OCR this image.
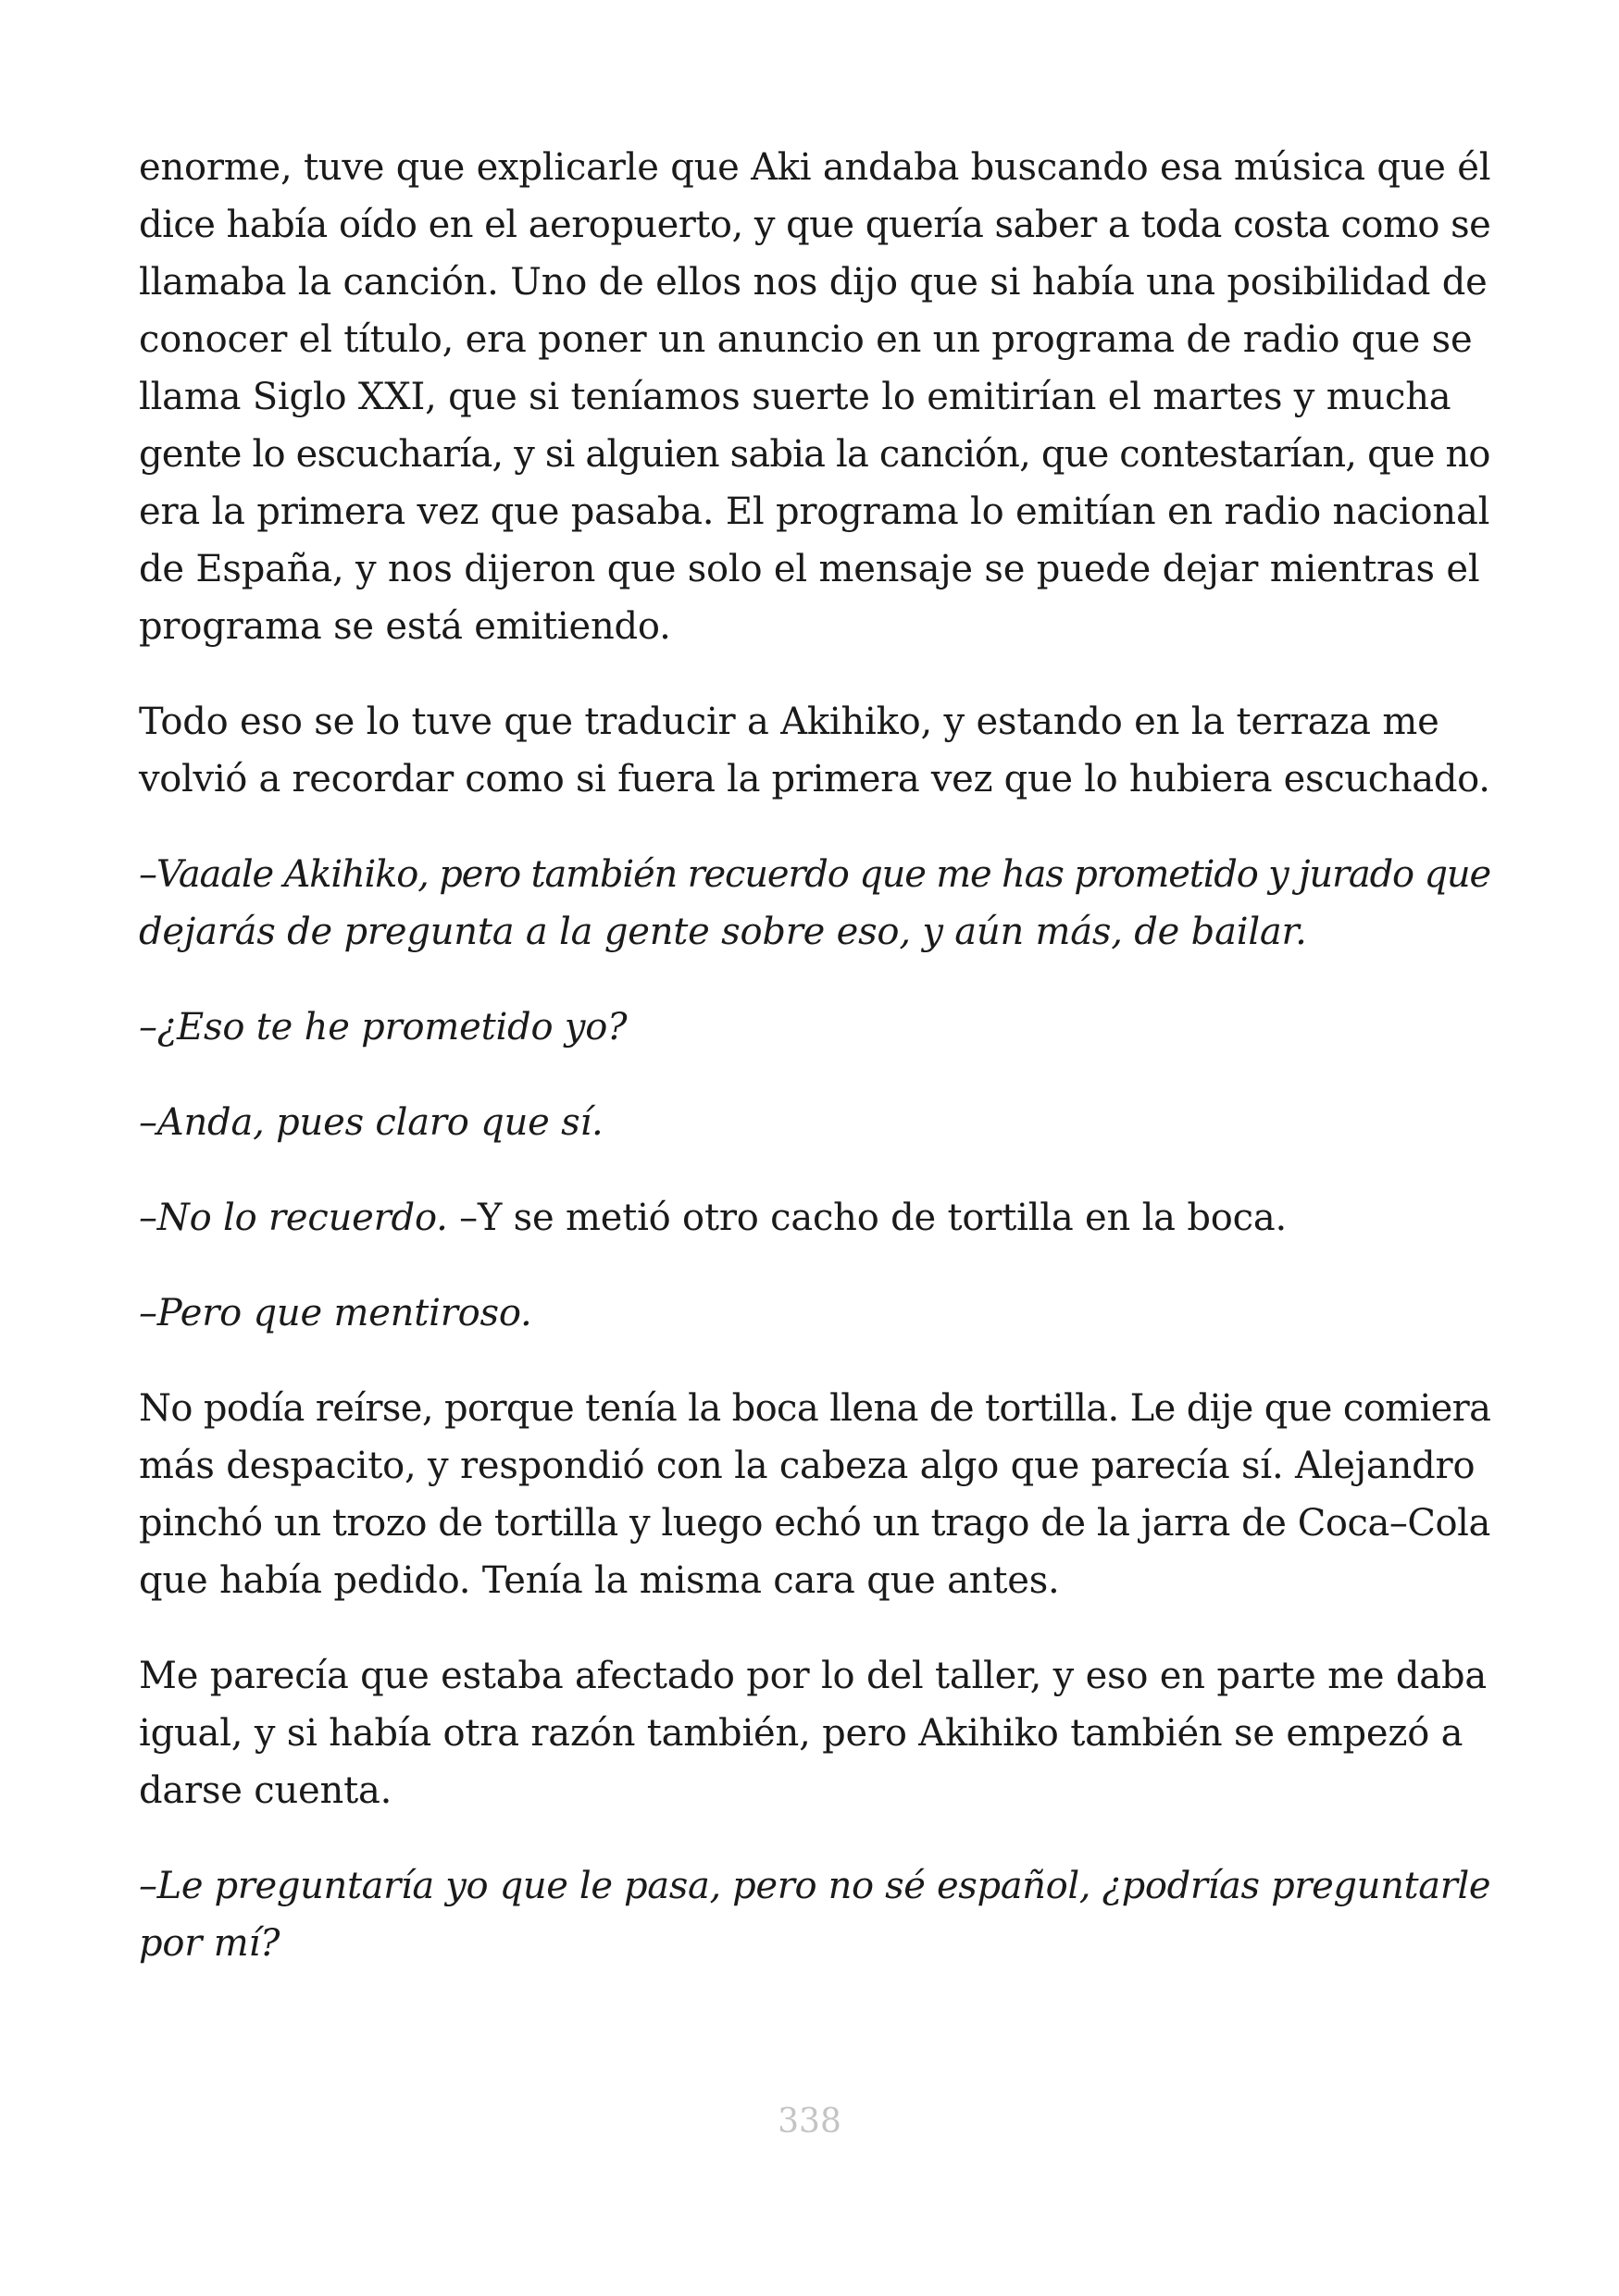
enorme, tuve que explicarle que Aki andaba buscando esa música que él
dice había oído en el aeropuerto, y que quería saber a toda costa como se
llamaba la canción. Uno de ellos nos dijo que si había una posibilidad de
conocer el título, era poner un anuncio en un programa de radio que se
llama Siglo XXI, que si teníamos suerte lo emitirían el martes y mucha
gente lo escucharía, y si alguien sabia la canción, que contestarían, que no
era la primera vez que pasaba. El programa lo emitían en radio nacional
de España, y nos dijeron que solo el mensaje se puede dejar mientras el
programa se está emitiendo.

Todo eso se lo tuve que traducir a Akihiko, y estando en la terraza me
volvió a recordar como si fuera la primera vez que lo hubiera escuchado.

–Vaaale Akihiko, pero también recuerdo que me has prometido y jurado que
dejarás de pregunta a la gente sobre eso, y aún más, de bailar.

–¿Eso te he prometido yo?

–Anda, pues claro que sí.

–No lo recuerdo. –Y se metió otro cacho de tortilla en la boca.

–Pero que mentiroso.

No podía reírse, porque tenía la boca llena de tortilla. Le dije que comiera
más despacito, y respondió con la cabeza algo que parecía sí. Alejandro
pinchó un trozo de tortilla y luego echó un trago de la jarra de Coca–Cola
que había pedido. Tenía la misma cara que antes.

Me parecía que estaba afectado por lo del taller, y eso en parte me daba
igual, y si había otra razón también, pero Akihiko también se empezó a
darse cuenta.

–Le preguntaría yo que le pasa, pero no sé español, ¿podrías preguntarle
por mí?

338
